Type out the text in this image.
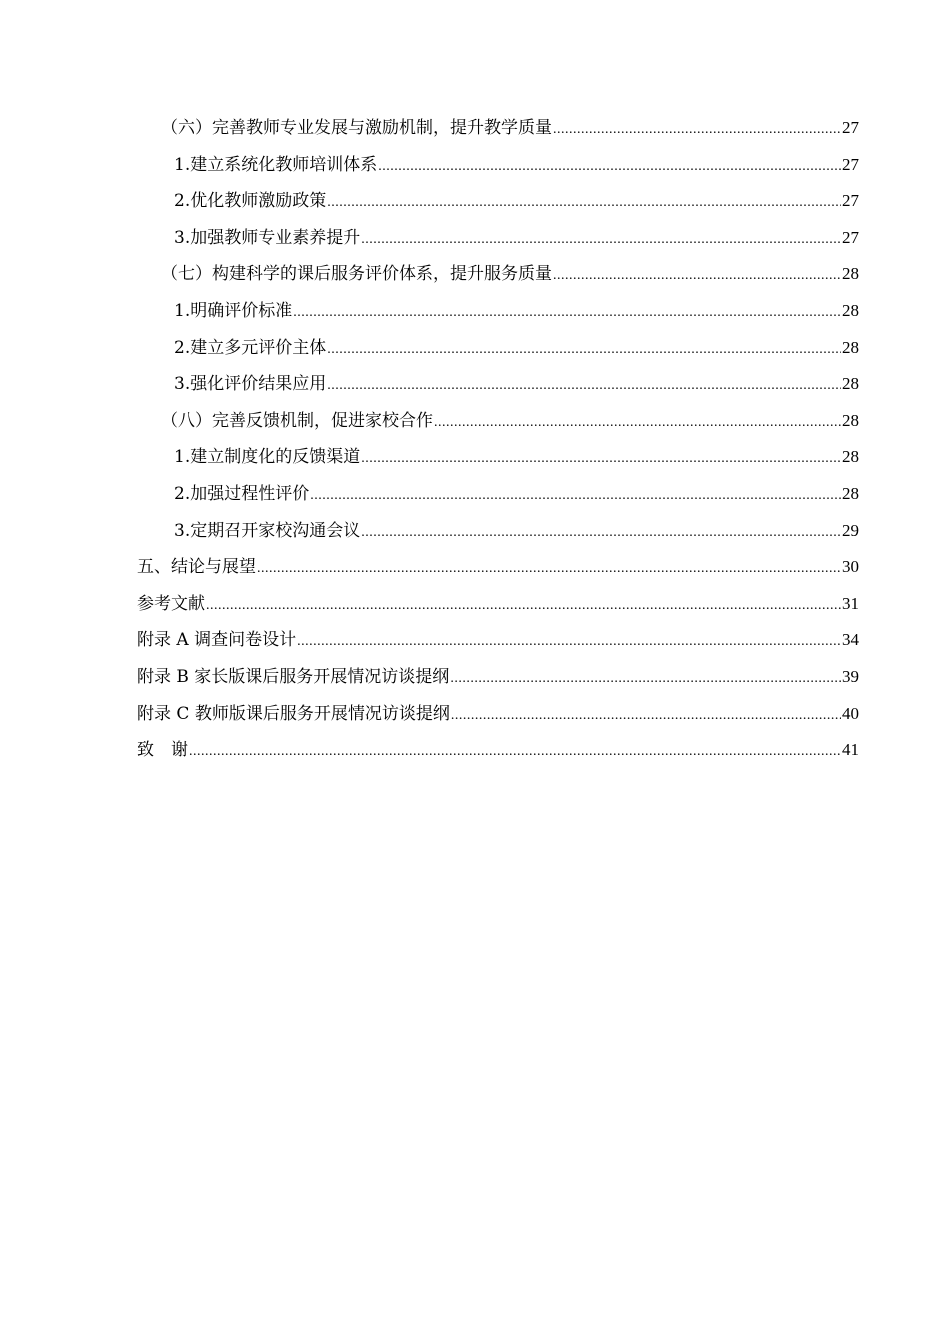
（六）完善教师专业发展与激励机制，提升教学质量 .....	27
1.建立系统化教师培训体系 .....	27
2.优化教师激励政策 .....	27
3.加强教师专业素养提升 .....	27
（七）构建科学的课后服务评价体系，提升服务质量 .....	28
1.明确评价标准 .....	28
2.建立多元评价主体 .....	28
3.强化评价结果应用 .....	28
（八）完善反馈机制，促进家校合作 .....	28
1.建立制度化的反馈渠道 .....	28
2.加强过程性评价 .....	28
3.定期召开家校沟通会议 .....	29
五、结论与展望 .....	30
参考文献 .....	31
附录 A 调查问卷设计 .....	34
附录 B 家长版课后服务开展情况访谈提纲 .....	39
附录 C 教师版课后服务开展情况访谈提纲 .....	40
致　谢 .....	41
